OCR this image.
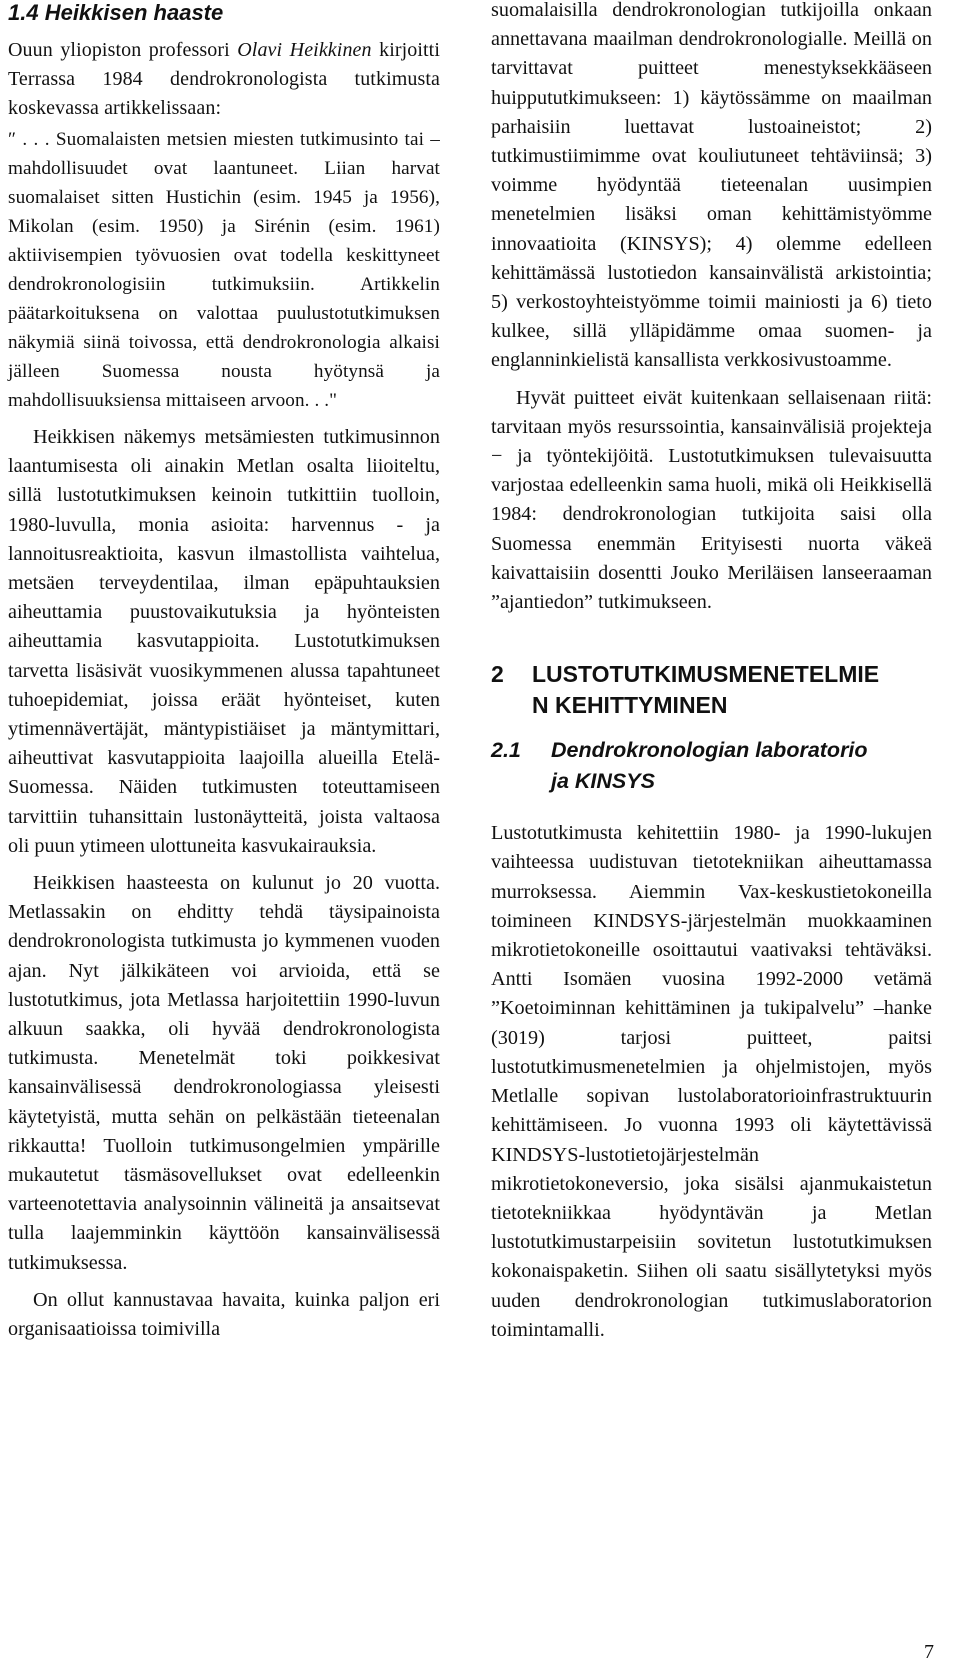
1.4 Heikkisen haaste

Ouun yliopiston professori Olavi Heikkinen kirjoitti Terrassa 1984 dendrokronologista tutkimusta koskevassa artikkelissaan:

″ . . . Suomalaisten metsien miesten tutkimusinto tai –mahdollisuudet ovat laantuneet. Liian harvat suomalaiset sitten Hustichin (esim. 1945 ja 1956), Mikolan (esim. 1950) ja Sirénin (esim. 1961) aktiivisempien työvuosien ovat todella keskittyneet dendrokronologisiin tutkimuksiin. Artikkelin päätarkoituksena on valottaa puulustotutkimuksen näkymiä siinä toivossa, että dendrokronologia alkaisi jälleen Suomessa nousta hyötynsä ja mahdollisuuksiensa mittaiseen arvoon. . ."

Heikkisen näkemys metsämiesten tutkimusinnon laantumisesta oli ainakin Metlan osalta liioiteltu, sillä lustotutkimuksen keinoin tutkittiin tuolloin, 1980-luvulla, monia asioita: harvennus - ja lannoitusreaktioita, kasvun ilmastollista vaihtelua, metsäen terveydentilaa, ilman epäpuhtauksien aiheuttamia puustovaikutuksia ja hyönteisten aiheuttamia kasvutappioita. Lustotutkimuksen tarvetta lisäsivät vuosikymmenen alussa tapahtuneet tuhoepidemiat, joissa eräät hyönteiset, kuten ytimennävertäjät, mäntypistiäiset ja mäntymittari, aiheuttivat kasvutappioita laajoilla alueilla Etelä-Suomessa. Näiden tutkimusten toteuttamiseen tarvittiin tuhansittain lustonäytteitä, joista valtaosa oli puun ytimeen ulottuneita kasvukairauksia.

Heikkisen haasteesta on kulunut jo 20 vuotta. Metlassakin on ehditty tehdä täysipainoista dendrokronologista tutkimusta jo kymmenen vuoden ajan. Nyt jälkikäteen voi arvioida, että se lustotutkimus, jota Metlassa harjoitettiin 1990-luvun alkuun saakka, oli hyvää dendrokronologista tutkimusta. Menetelmät toki poikkesivat kansainvälisessä dendrokronologiassa yleisesti käytetyistä, mutta sehän on pelkästään tieteenalan rikkautta! Tuolloin tutkimusongelmien ympärille mukautetut täsmäsovellukset ovat edelleenkin varteenotettavia analysoinnin välineitä ja ansaitsevat tulla laajemminkin käyttöön kansainvälisessä tutkimuksessa.

On ollut kannustavaa havaita, kuinka paljon eri organisaatioissa toimivilla

suomalaisilla dendrokronologian tutkijoilla onkaan annettavana maailman dendrokronologialle. Meillä on tarvittavat puitteet menestyksekkääseen huippututkimukseen: 1) käytössämme on maailman parhaisiin luettavat lustoaineistot; 2) tutkimustiimimme ovat kouliutuneet tehtäviinsä; 3) voimme hyödyntää tieteenalan uusimpien menetelmien lisäksi oman kehittämistyömme innovaatioita (KINSYS); 4) olemme edelleen kehittämässä lustotiedon kansainvälistä arkistointia; 5) verkostoyhteistyömme toimii mainiosti ja 6) tieto kulkee, sillä ylläpidämme omaa suomen- ja englanninkielistä kansallista verkkosivustoamme.

Hyvät puitteet eivät kuitenkaan sellaisenaan riitä: tarvitaan myös resurssointia, kansainvälisiä projekteja − ja työntekijöitä. Lustotutkimuksen tulevaisuutta varjostaa edelleenkin sama huoli, mikä oli Heikkisellä 1984: dendrokronologian tutkijoita saisi olla Suomessa enemmän Erityisesti nuorta väkeä kaivattaisiin dosentti Jouko Meriläisen lanseeraaman ”ajantiedon” tutkimukseen.

2	LUSTOTUTKIMUSMENETELMIEN KEHITTYMINEN
2.1	Dendrokronologian laboratorio ja KINSYS

Lustotutkimusta kehitettiin 1980- ja 1990-lukujen vaihteessa uudistuvan tietotekniikan aiheuttamassa murroksessa. Aiemmin Vax-keskustietokoneilla toimineen KINDSYS-järjestelmän muokkaaminen mikrotietokoneille osoittautui vaativaksi tehtäväksi. Antti Isomäen vuosina 1992-2000 vetämä ”Koetoiminnan kehittäminen ja tukipalvelu” –hanke (3019) tarjosi puitteet, paitsi lustotutkimusmenetelmien ja ohjelmistojen, myös Metlalle sopivan lustolaboratorioinfrastruktuurin kehittämiseen. Jo vuonna 1993 oli käytettävissä KINDSYS-lustotietojärjestelmän mikrotietokoneversio, joka sisälsi ajanmukaistetun tietotekniikkaa hyödyntävän ja Metlan lustotutkimustarpeisiin sovitetun lustotutkimuksen kokonaispaketin. Siihen oli saatu sisällytetyksi myös uuden dendrokronologian tutkimuslaboratorion toimintamalli.

7
